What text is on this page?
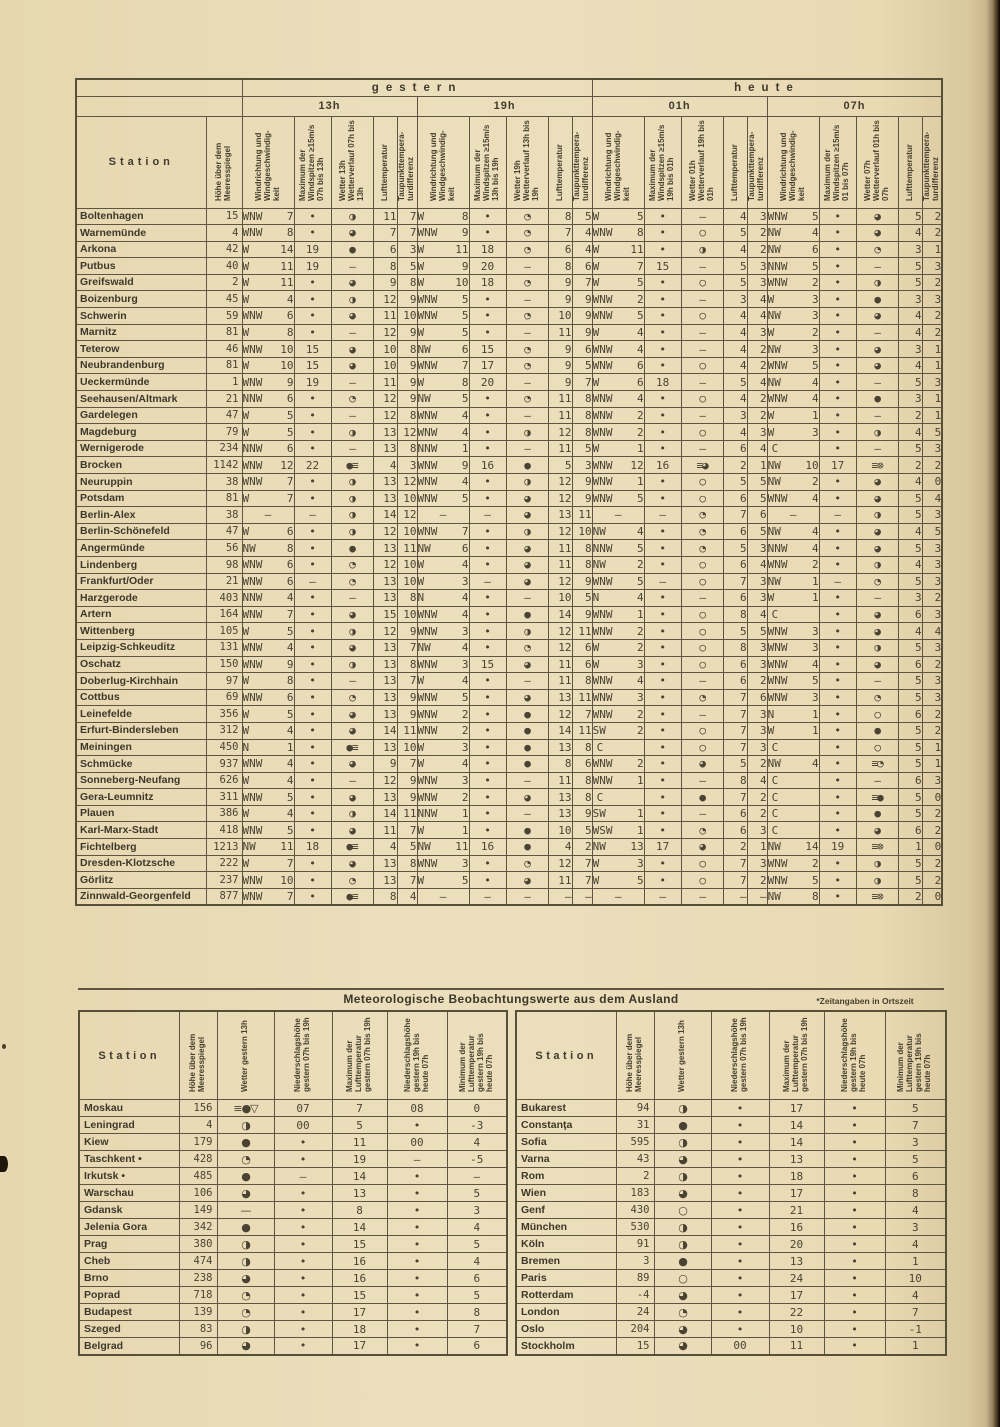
		gestern										heute									
		13h					19h					01h					07h				
Station	Höhe über dem Meeresspiegel	Windrichtung und Windgeschwindig- keit	Maximum der Windspitzen ≥15m/s 07h bis 13h	Wetter 13h Wetterverlauf 07h bis 13h	Lufttemperatur	Taupunkttempera- turdifferenz	Windrichtung und Windgeschwindig- keit	Maximum der Windspitzen ≥15m/s 13h bis 19h	Wetter 19h Wetterverlauf 13h bis 19h	Lufttemperatur	Taupunkttempera- turdifferenz	Windrichtung und Windgeschwindig- keit	Maximum der Windspitzen ≥15m/s 19h bis 01h	Wetter 01h Wetterverlauf 19h bis 01h	Lufttemperatur	Taupunkttempera- turdifferenz	Windrichtung und Windgeschwindig- keit	Maximum der Windspitzen ≥15m/s 01 bis 07h	Wetter 07h Wetterverlauf 01h bis 07h	Lufttemperatur	Taupunkttempera- turdifferenz
Boltenhagen	15	WNW 7	•	◑	11	7	W 8	•	◔	8	5	W 5	•	—	4	3	WNW 5	•	◕	5	2
Warnemünde	4	WNW 8	•	◕	7	7	WNW 9	•	◔	7	4	WNW 8	•	○	5	2	NW 4	•	◕	4	2
Arkona	42	W 14	19	●	6	3	W 11	18	◔	6	4	W 11	•	◑	4	2	NW 6	•	◔	3	1
Putbus	40	W 11	19	—	8	5	W 9	20	—	8	6	W 7	15	—	5	3	NNW 5	•	—	5	3
Greifswald	2	W 11	•	◕	9	8	W 10	18	◔	9	7	W 5	•	○	5	3	WNW 2	•	◑	5	2
Boizenburg	45	W 4	•	◑	12	9	WNW 5	•	—	9	9	WNW 2	•	—	3	4	W 3	•	●	3	3
Schwerin	59	WNW 6	•	◕	11	10	WNW 5	•	◔	10	9	WNW 5	•	○	4	4	NW 3	•	◕	4	2
Marnitz	81	W 8	•	—	12	9	W 5	•	—	11	9	W 4	•	—	4	3	W 2	•	—	4	2
Teterow	46	WNW 10	15	◕	10	8	NW 6	15	◔	9	6	WNW 4	•	—	4	2	NW 3	•	◕	3	1
Neubrandenburg	81	W 10	15	◕	10	9	WNW 7	17	◔	9	5	WNW 6	•	○	4	2	WNW 5	•	◕	4	1
Ueckermünde	1	WNW 9	19	—	11	9	W 8	20	—	9	7	W 6	18	—	5	4	NW 4	•	—	5	3
Seehausen/Altmark	21	NNW 6	•	◔	12	9	NW 5	•	◔	11	8	WNW 4	•	○	4	2	WNW 4	•	●	3	1
Gardelegen	47	W 5	•	—	12	8	WNW 4	•	—	11	8	WNW 2	•	—	3	2	W 1	•	—	2	1
Magdeburg	79	W 5	•	◑	13	12	WNW 4	•	◑	12	8	WNW 2	•	○	4	3	W 3	•	◑	4	5
Wernigerode	234	NNW 6	•	—	13	8	NNW 1	•	—	11	5	W 1	•	—	6	4	C	•	—	5	3
Brocken	1142	WNW 12	22	●≡	4	3	WNW 9	16	●	5	3	WNW 12	16	≡◕	2	1	NW 10	17	≡⊗	2	2
Neuruppin	38	WNW 7	•	◑	13	12	WNW 4	•	◑	12	9	WNW 1	•	○	5	5	NW 2	•	◕	4	0
Potsdam	81	W 7	•	◑	13	10	WNW 5	•	◕	12	9	WNW 5	•	○	6	5	WNW 4	•	◕	5	4
Berlin-Alex	38	—	—	◑	14	12	—	—	◕	13	11	—	—	◔	7	6	—	—	◑	5	3
Berlin-Schönefeld	47	W 6	•	◑	12	10	WNW 7	•	◑	12	10	NW 4	•	◔	6	5	NW 4	•	◕	4	5
Angermünde	56	NW 8	•	●	13	11	NW 6	•	◕	11	8	NNW 5	•	◔	5	3	NNW 4	•	◕	5	3
Lindenberg	98	WNW 6	•	◔	12	10	W 4	•	◕	11	8	NW 2	•	○	6	4	WNW 2	•	◑	4	3
Frankfurt/Oder	21	WNW 6	—	◔	13	10	W 3	—	◕	12	9	WNW 5	—	○	7	3	NW 1	—	◔	5	3
Harzgerode	403	NNW 4	•	—	13	8	N 4	•	—	10	5	N 4	•	—	6	3	W 1	•	—	3	2
Artern	164	WNW 7	•	◕	15	10	WNW 4	•	●	14	9	WNW 1	•	○	8	4	C	•	◕	6	3
Wittenberg	105	W 5	•	◑	12	9	WNW 3	•	◑	12	11	WNW 2	•	○	5	5	WNW 3	•	◕	4	4
Leipzig-Schkeuditz	131	WNW 4	•	◕	13	7	NW 4	•	◔	12	6	W 2	•	○	8	3	WNW 3	•	◑	5	3
Oschatz	150	WNW 9	•	◑	13	8	WNW 3	15	◕	11	6	W 3	•	○	6	3	WNW 4	•	◕	6	2
Doberlug-Kirchhain	97	W 8	•	—	13	7	W 4	•	—	11	8	WNW 4	•	—	6	2	WNW 5	•	—	5	3
Cottbus	69	WNW 6	•	◔	13	9	WNW 5	•	◕	13	11	WNW 3	•	◔	7	6	WNW 3	•	◔	5	3
Leinefelde	356	W 5	•	◕	13	9	WNW 2	•	●	12	7	WNW 2	•	—	7	3	N 1	•	○	6	2
Erfurt-Bindersleben	312	W 4	•	◕	14	11	WNW 2	•	●	14	11	SW 2	•	○	7	3	W 1	•	●	5	2
Meiningen	450	N 1	•	●≡	13	10	W 3	•	●	13	8	C	•	○	7	3	C	•	○	5	1
Schmücke	937	WNW 4	•	◕	9	7	W 4	•	●	8	6	WNW 2	•	◕	5	2	NW 4	•	≡◔	5	1
Sonneberg-Neufang	626	W 4	•	—	12	9	WNW 3	•	—	11	8	WNW 1	•	—	8	4	C	•	—	6	3
Gera-Leumnitz	311	WNW 5	•	◕	13	9	WNW 2	•	◕	13	8	C	•	●	7	2	C	•	≡●	5	0
Plauen	386	W 4	•	◑	14	11	NNW 1	•	—	13	9	SW 1	•	—	6	2	C	•	●	5	2
Karl-Marx-Stadt	418	WNW 5	•	◕	11	7	W 1	•	●	10	5	WSW 1	•	◔	6	3	C	•	◕	6	2
Fichtelberg	1213	NW 11	18	●≡	4	5	NW 11	16	●	4	2	NW 13	17	◕	2	1	NW 14	19	≡⊗	1	0
Dresden-Klotzsche	222	W 7	•	◕	13	8	WNW 3	•	◔	12	7	W 3	•	○	7	3	WNW 2	•	◑	5	2
Görlitz	237	WNW 10	•	◔	13	7	W 5	•	◕	11	7	W 5	•	○	7	2	WNW 5	•	◑	5	2
Zinnwald-Georgenfeld	877	WNW 7	•	●≡	8	4	—	—	—	—	—	—	—	—	—	—	NW 8	•	≡⊗	2	0
Meteorologische Beobachtungswerte aus dem Ausland	*Zeitangaben in Ortszeit
Station	Höhe über dem Meeresspiegel	Wetter gestern 13h	Niederschlagshöhe gestern 07h bis 19h	Maximum der Lufttemperatur gestern 07h bis 19h	Niederschlagshöhe gestern 19h bis heute 07h	Minimum der Lufttemperatur gestern 19h bis heute 07h
Moskau	156	≡●▽	07	7	08	0
Leningrad	4	◑	00	5	•	-3
Kiew	179	●	•	11	00	4
Taschkent •	428	◔	•	19	—	-5
Irkutsk •	485	●	—	14	•	—
Warschau	106	◕	•	13	•	5
Gdansk	149	—	•	8	•	3
Jelenia Gora	342	●	•	14	•	4
Prag	380	◑	•	15	•	5
Cheb	474	◑	•	16	•	4
Brno	238	◕	•	16	•	6
Poprad	718	◔	•	15	•	5
Budapest	139	◔	•	17	•	8
Szeged	83	◑	•	18	•	7
Belgrad	96	◕	•	17	•	6
Station	Höhe über dem Meeresspiegel	Wetter gestern 13h	Niederschlagshöhe gestern 07h bis 19h	Maximum der Lufttemperatur gestern 07h bis 19h	Niederschlagshöhe gestern 19h bis heute 07h	Minimum der Lufttemperatur gestern 19h bis heute 07h
Bukarest	94	◑	•	17	•	5
Constanţa	31	●	•	14	•	7
Sofia	595	◑	•	14	•	3
Varna	43	◕	•	13	•	5
Rom	2	◑	•	18	•	6
Wien	183	◕	•	17	•	8
Genf	430	○	•	21	•	4
München	530	◑	•	16	•	3
Köln	91	◑	•	20	•	4
Bremen	3	●	•	13	•	1
Paris	89	○	•	24	•	10
Rotterdam	-4	◕	•	17	•	4
London	24	◔	•	22	•	7
Oslo	204	◕	•	10	•	-1
Stockholm	15	◕	00	11	•	1
